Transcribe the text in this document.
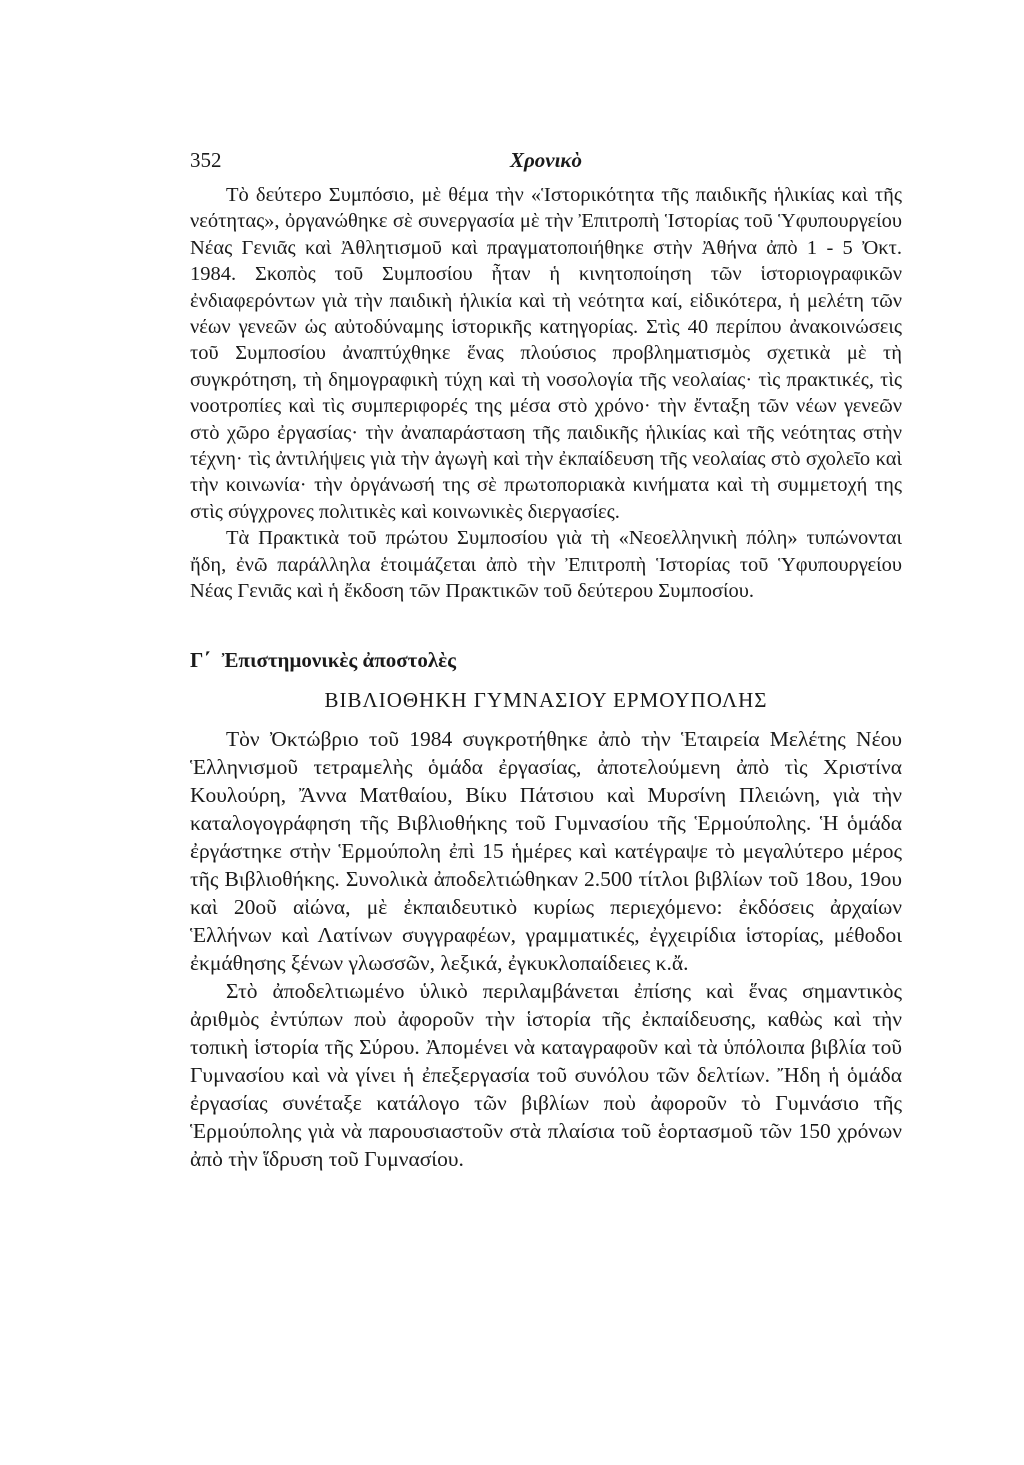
352	Χρονικὸ

Τὸ δεύτερο Συμπόσιο, μὲ θέμα τὴν «Ἱστορικότητα τῆς παιδικῆς ἡλικίας καὶ τῆς νεότητας», ὀργανώθηκε σὲ συνεργασία μὲ τὴν Ἐπιτροπὴ Ἱστορίας τοῦ Ὑφυπουργείου Νέας Γενιᾶς καὶ Ἀθλητισμοῦ καὶ πραγματοποιήθηκε στὴν Ἀθήνα ἀπὸ 1 - 5 Ὀκτ. 1984. Σκοπὸς τοῦ Συμποσίου ἦταν ἡ κινητοποίηση τῶν ἱστοριογραφικῶν ἐνδιαφερόντων γιὰ τὴν παιδικὴ ἡλικία καὶ τὴ νεότητα καί, εἰδικότερα, ἡ μελέτη τῶν νέων γενεῶν ὡς αὐτοδύναμης ἱστορικῆς κατηγορίας. Στὶς 40 περίπου ἀνακοινώσεις τοῦ Συμποσίου ἀναπτύχθηκε ἕνας πλούσιος προβληματισμὸς σχετικὰ μὲ τὴ συγκρότηση, τὴ δημογραφικὴ τύχη καὶ τὴ νοσολογία τῆς νεολαίας· τὶς πρακτικές, τὶς νοοτροπίες καὶ τὶς συμπεριφορές της μέσα στὸ χρόνο· τὴν ἔνταξη τῶν νέων γενεῶν στὸ χῶρο ἐργασίας· τὴν ἀναπαράσταση τῆς παιδικῆς ἡλικίας καὶ τῆς νεότητας στὴν τέχνη· τὶς ἀντιλήψεις γιὰ τὴν ἀγωγὴ καὶ τὴν ἐκπαίδευση τῆς νεολαίας στὸ σχολεῖο καὶ τὴν κοινωνία· τὴν ὀργάνωσή της σὲ πρωτοποριακὰ κινήματα καὶ τὴ συμμετοχή της στὶς σύγχρονες πολιτικὲς καὶ κοινωνικὲς διεργασίες.

Τὰ Πρακτικὰ τοῦ πρώτου Συμποσίου γιὰ τὴ «Νεοελληνικὴ πόλη» τυπώνονται ἤδη, ἐνῶ παράλληλα ἑτοιμάζεται ἀπὸ τὴν Ἐπιτροπὴ Ἱστορίας τοῦ Ὑφυπουργείου Νέας Γενιᾶς καὶ ἡ ἔκδοση τῶν Πρακτικῶν τοῦ δεύτερου Συμποσίου.

Γ΄ Ἐπιστημονικὲς ἀποστολὲς
ΒΙΒΛΙΟΘΗΚΗ ΓΥΜΝΑΣΙΟΥ ΕΡΜΟΥΠΟΛΗΣ

Τὸν Ὀκτώβριο τοῦ 1984 συγκροτήθηκε ἀπὸ τὴν Ἑταιρεία Μελέτης Νέου Ἑλληνισμοῦ τετραμελὴς ὁμάδα ἐργασίας, ἀποτελούμενη ἀπὸ τὶς Χριστίνα Κουλούρη, Ἄννα Ματθαίου, Βίκυ Πάτσιου καὶ Μυρσίνη Πλειώνη, γιὰ τὴν καταλογογράφηση τῆς Βιβλιοθήκης τοῦ Γυμνασίου τῆς Ἑρμούπολης. Ἡ ὁμάδα ἐργάστηκε στὴν Ἑρμούπολη ἐπὶ 15 ἡμέρες καὶ κατέγραψε τὸ μεγαλύτερο μέρος τῆς Βιβλιοθήκης. Συνολικὰ ἀποδελτιώθηκαν 2.500 τίτλοι βιβλίων τοῦ 18ου, 19ου καὶ 20οῦ αἰώνα, μὲ ἐκπαιδευτικὸ κυρίως περιεχόμενο: ἐκδόσεις ἀρχαίων Ἑλλήνων καὶ Λατίνων συγγραφέων, γραμματικές, ἐγχειρίδια ἱστορίας, μέθοδοι ἐκμάθησης ξένων γλωσσῶν, λεξικά, ἐγκυκλοπαίδειες κ.ἄ.

Στὸ ἀποδελτιωμένο ὑλικὸ περιλαμβάνεται ἐπίσης καὶ ἕνας σημαντικὸς ἀριθμὸς ἐντύπων ποὺ ἀφοροῦν τὴν ἱστορία τῆς ἐκπαίδευσης, καθὼς καὶ τὴν τοπικὴ ἱστορία τῆς Σύρου. Ἀπομένει νὰ καταγραφοῦν καὶ τὰ ὑπόλοιπα βιβλία τοῦ Γυμνασίου καὶ νὰ γίνει ἡ ἐπεξεργασία τοῦ συνόλου τῶν δελτίων. Ἤδη ἡ ὁμάδα ἐργασίας συνέταξε κατάλογο τῶν βιβλίων ποὺ ἀφοροῦν τὸ Γυμνάσιο τῆς Ἑρμούπολης γιὰ νὰ παρουσιαστοῦν στὰ πλαίσια τοῦ ἑορτασμοῦ τῶν 150 χρόνων ἀπὸ τὴν ἵδρυση τοῦ Γυμνασίου.
